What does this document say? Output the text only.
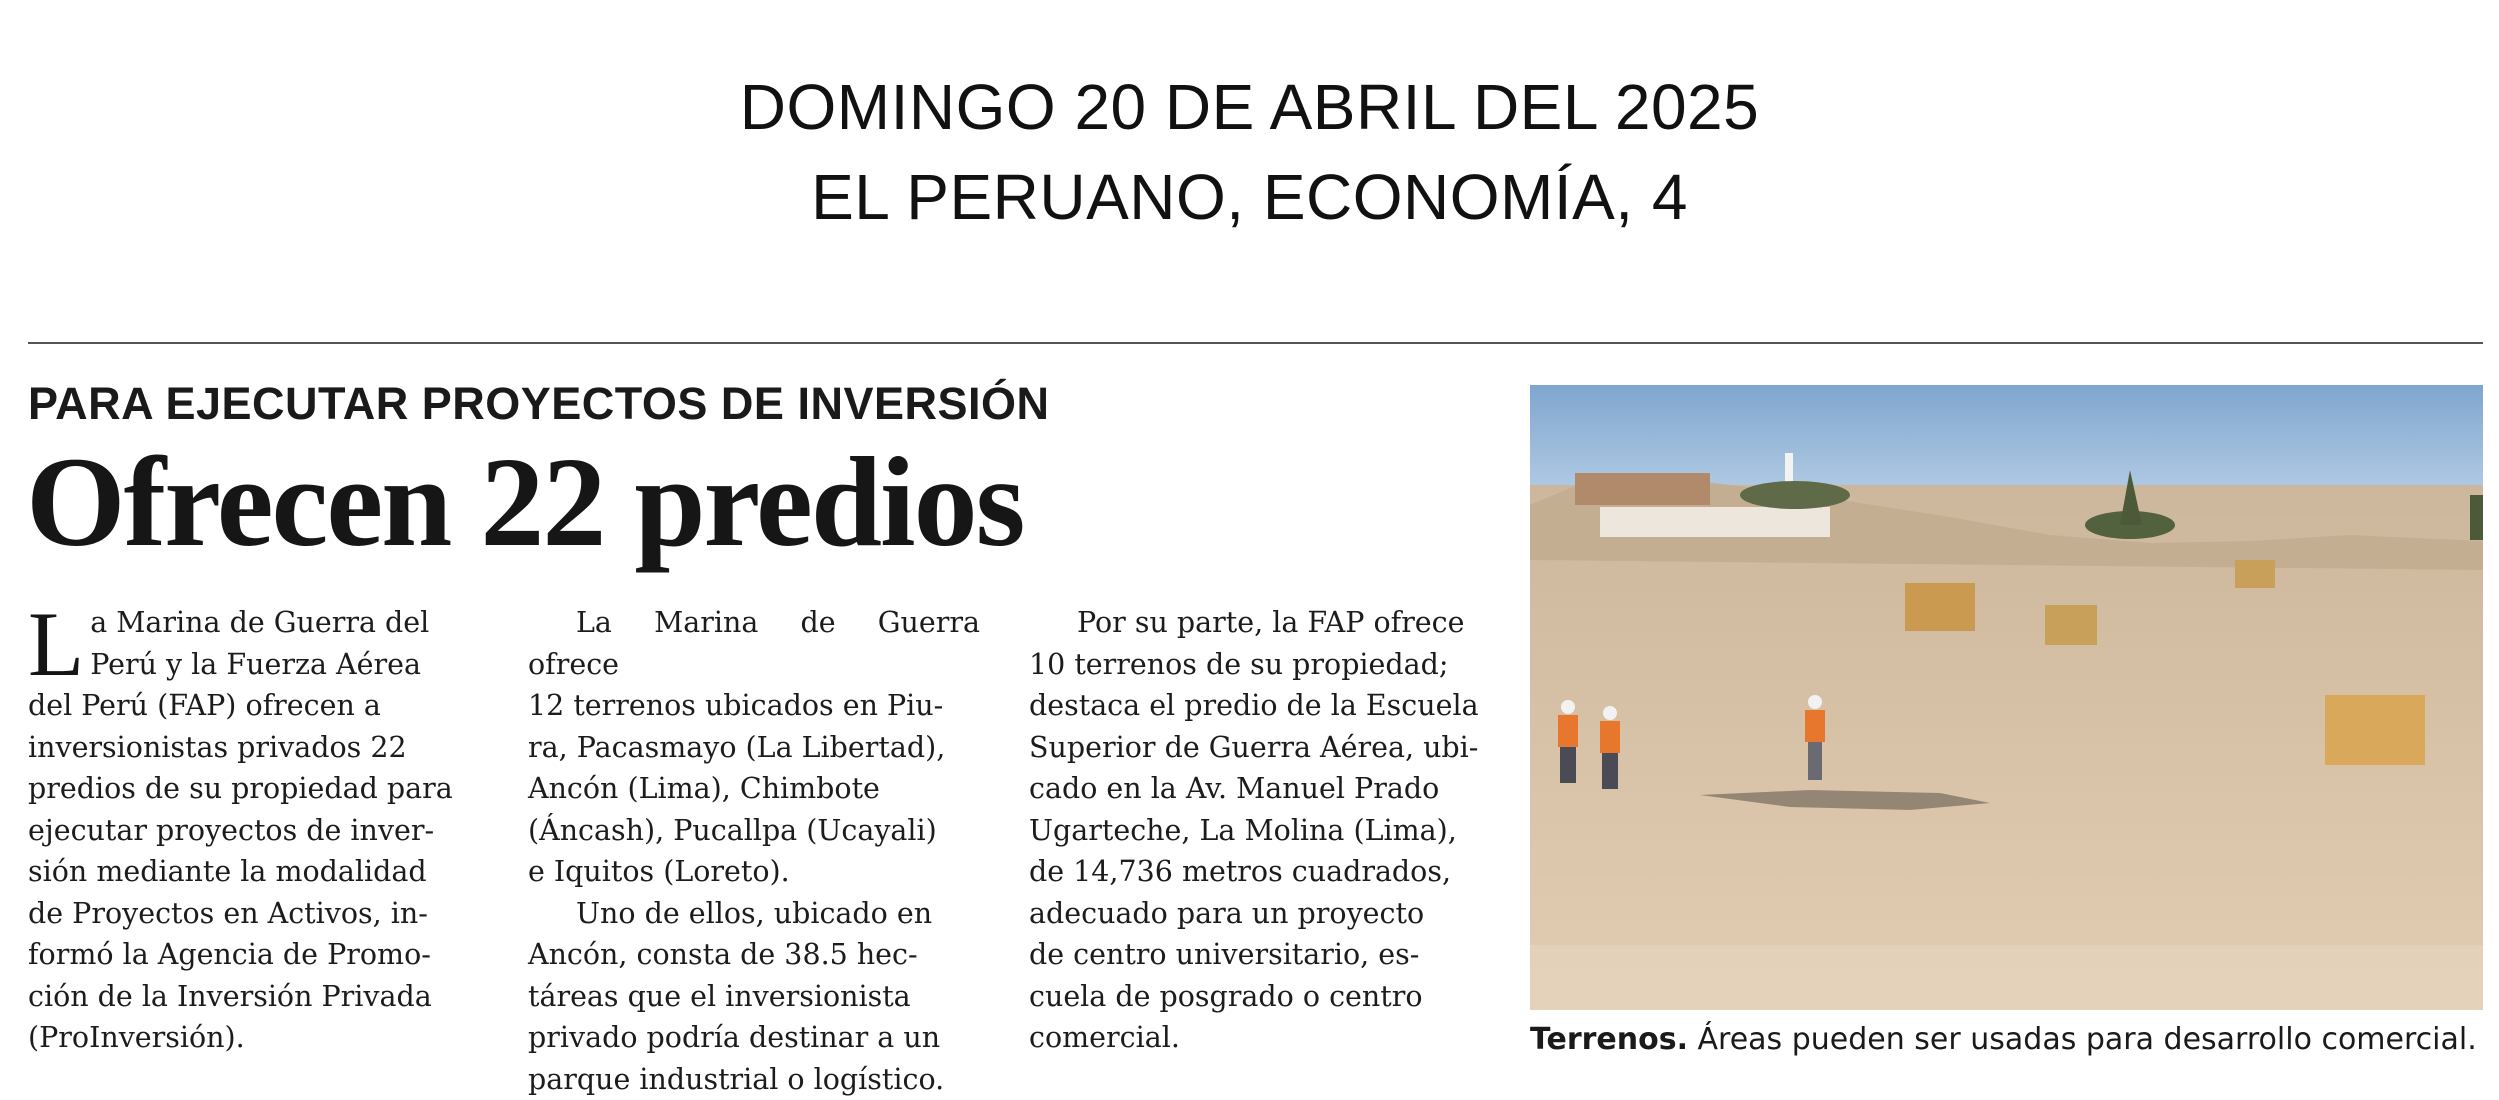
DOMINGO 20 DE ABRIL DEL 2025
EL PERUANO, ECONOMÍA, 4
PARA EJECUTAR PROYECTOS DE INVERSIÓN
Ofrecen 22 predios

L a Marina de Guerra del
Perú y la Fuerza Aérea
del Perú (FAP) ofrecen a
inversionistas privados 22
predios de su propiedad para
ejecutar proyectos de inver-
sión mediante la modalidad
de Proyectos en Activos, in-
formó la Agencia de Promo-
ción de la Inversión Privada
(ProInversión).

La Marina de Guerra ofrece
12 terrenos ubicados en Piu-
ra, Pacasmayo (La Libertad),
Ancón (Lima), Chimbote
(Áncash), Pucallpa (Ucayali)
e Iquitos (Loreto).
Uno de ellos, ubicado en
Ancón, consta de 38.5 hec-
táreas que el inversionista
privado podría destinar a un
parque industrial o logístico.

Por su parte, la FAP ofrece
10 terrenos de su propiedad;
destaca el predio de la Escuela
Superior de Guerra Aérea, ubi-
cado en la Av. Manuel Prado
Ugarteche, La Molina (Lima),
de 14,736 metros cuadrados,
adecuado para un proyecto
de centro universitario, es-
cuela de posgrado o centro
comercial.	Terrenos. Áreas pueden ser usadas para desarrollo comercial.
